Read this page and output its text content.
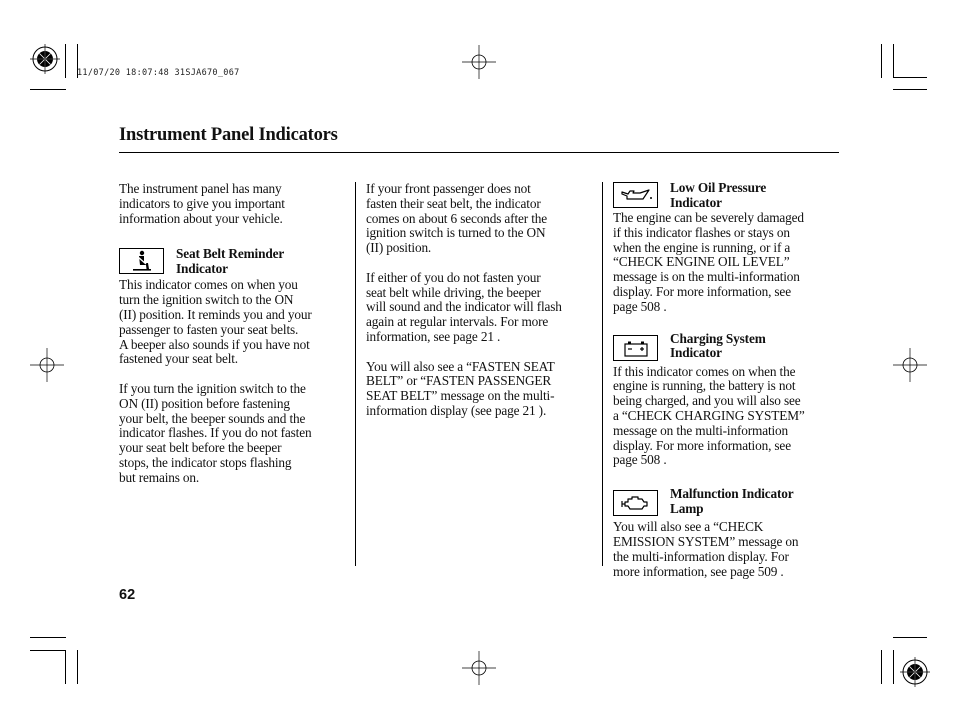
11/07/20 18:07:48 31SJA670_067
Instrument Panel Indicators

The instrument panel has many
indicators to give you important
information about your vehicle.

Seat Belt Reminder
Indicator

This indicator comes on when you
turn the ignition switch to the ON
(II) position. It reminds you and your
passenger to fasten your seat belts.
A beeper also sounds if you have not
fastened your seat belt.

If you turn the ignition switch to the
ON (II) position before fastening
your belt, the beeper sounds and the
indicator flashes. If you do not fasten
your seat belt before the beeper
stops, the indicator stops flashing
but remains on.

If your front passenger does not
fasten their seat belt, the indicator
comes on about 6 seconds after the
ignition switch is turned to the ON
(II) position.

If either of you do not fasten your
seat belt while driving, the beeper
will sound and the indicator will flash
again at regular intervals. For more
information, see page 21 .

You will also see a “FASTEN SEAT
BELT” or “FASTEN PASSENGER
SEAT BELT” message on the multi-
information display (see page 21 ).

Low Oil Pressure
Indicator

The engine can be severely damaged
if this indicator flashes or stays on
when the engine is running, or if a
“CHECK ENGINE OIL LEVEL”
message is on the multi-information
display. For more information, see
page 508 .

Charging System
Indicator

If this indicator comes on when the
engine is running, the battery is not
being charged, and you will also see
a “CHECK CHARGING SYSTEM”
message on the multi-information
display. For more information, see
page 508 .

Malfunction Indicator
Lamp

You will also see a “CHECK
EMISSION SYSTEM” message on
the multi-information display. For
more information, see page 509 .

62
